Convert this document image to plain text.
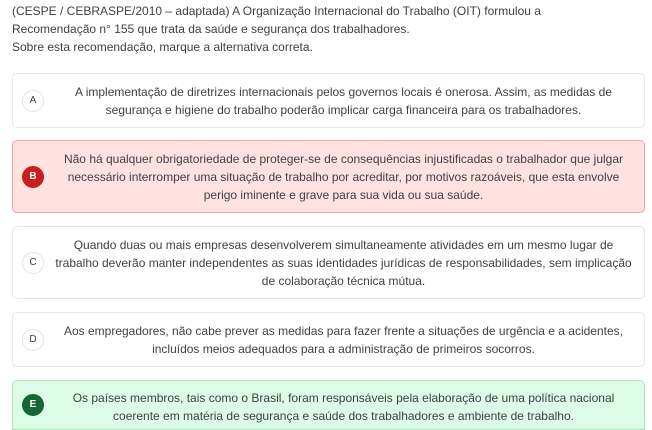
(CESPE / CEBRASPE/2010 – adaptada) A Organização Internacional do Trabalho (OIT) formulou a

Recomendação n° 155 que trata da saúde e segurança dos trabalhadores.

Sobre esta recomendação, marque a alternativa correta.

A
A implementação de diretrizes internacionais pelos governos locais é onerosa. Assim, as medidas de segurança e higiene do trabalho poderão implicar carga financeira para os trabalhadores.
B
Não há qualquer obrigatoriedade de proteger-se de consequências injustificadas o trabalhador que julgar necessário interromper uma situação de trabalho por acreditar, por motivos razoáveis, que esta envolve perigo iminente e grave para sua vida ou sua saúde.
C
Quando duas ou mais empresas desenvolverem simultaneamente atividades em um mesmo lugar de trabalho deverão manter independentes as suas identidades jurídicas de responsabilidades, sem implicação de colaboração técnica mútua.
D
Aos empregadores, não cabe prever as medidas para fazer frente a situações de urgência e a acidentes, incluídos meios adequados para a administração de primeiros socorros.
E	Os países membros, tais como o Brasil, foram responsáveis pela elaboração de uma política nacional coerente em matéria de segurança e saúde dos trabalhadores e ambiente de trabalho.
